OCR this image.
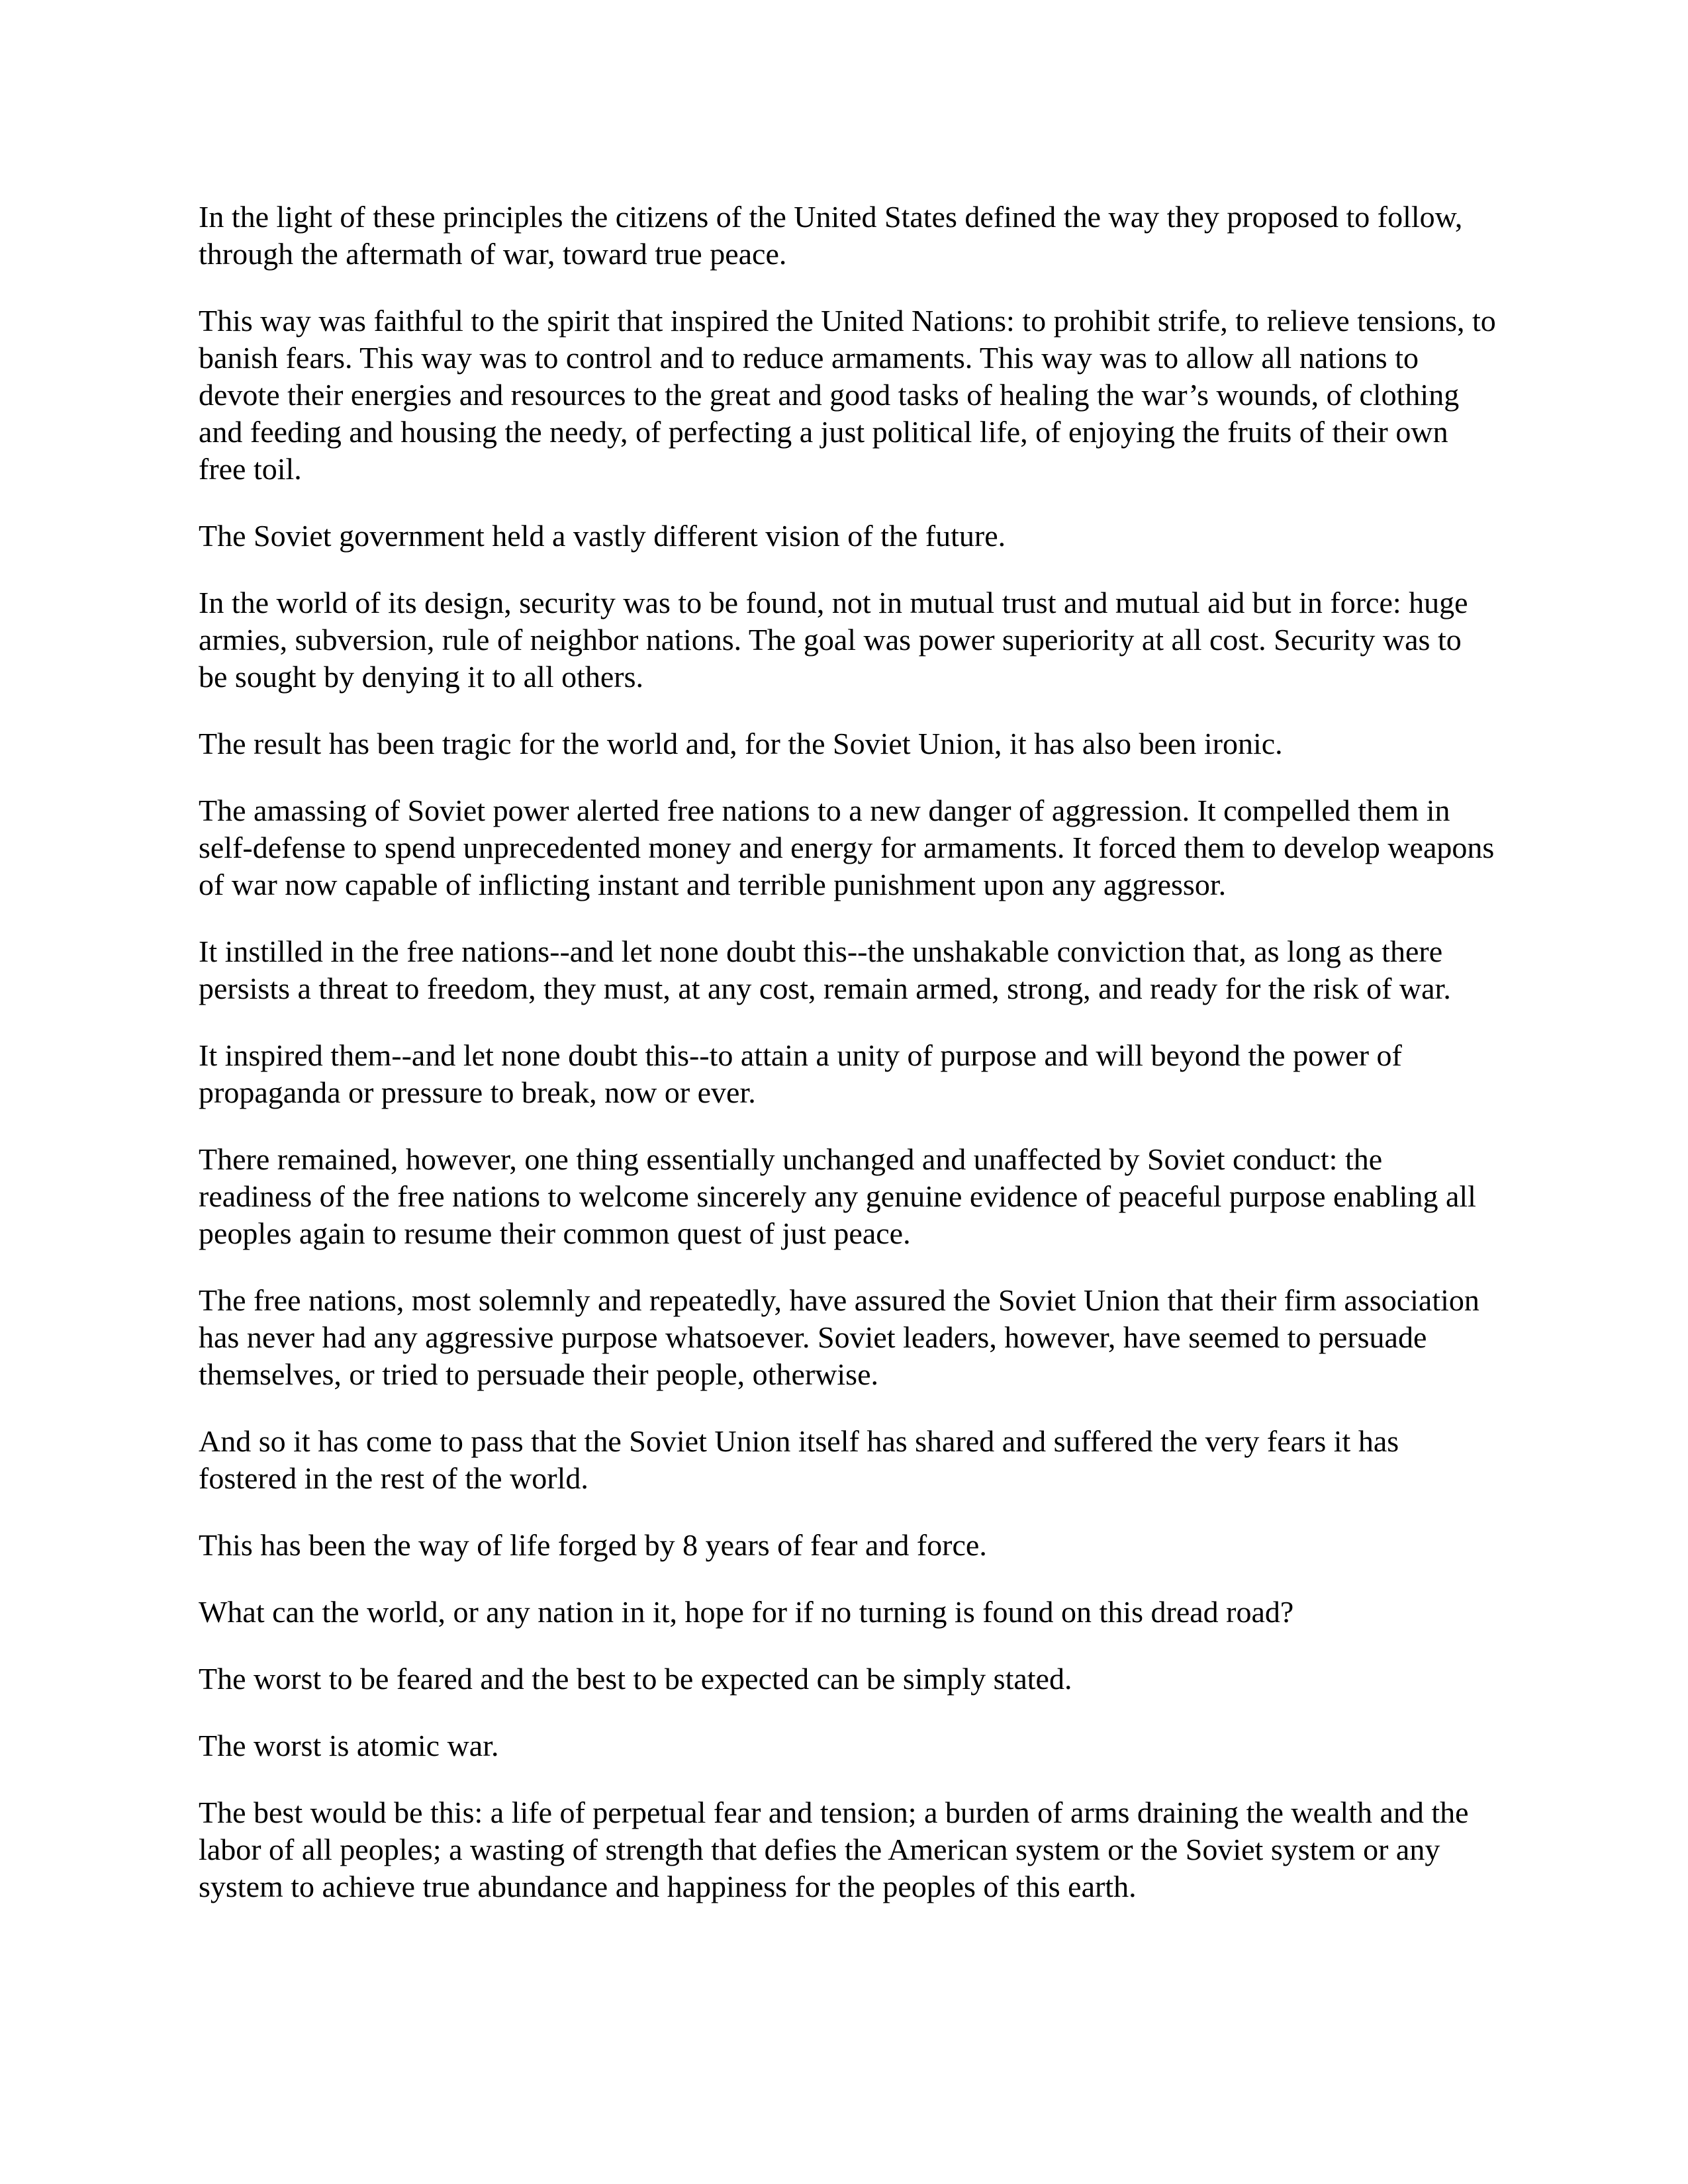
In the light of these principles the citizens of the United States defined the way they proposed to follow, through the aftermath of war, toward true peace.

This way was faithful to the spirit that inspired the United Nations: to prohibit strife, to relieve tensions, to banish fears. This way was to control and to reduce armaments. This way was to allow all nations to devote their energies and resources to the great and good tasks of healing the war’s wounds, of clothing and feeding and housing the needy, of perfecting a just political life, of enjoying the fruits of their own free toil.

The Soviet government held a vastly different vision of the future.

In the world of its design, security was to be found, not in mutual trust and mutual aid but in force: huge armies, subversion, rule of neighbor nations. The goal was power superiority at all cost. Security was to be sought by denying it to all others.

The result has been tragic for the world and, for the Soviet Union, it has also been ironic.

The amassing of Soviet power alerted free nations to a new danger of aggression. It compelled them in self-defense to spend unprecedented money and energy for armaments. It forced them to develop weapons of war now capable of inflicting instant and terrible punishment upon any aggressor.

It instilled in the free nations--and let none doubt this--the unshakable conviction that, as long as there persists a threat to freedom, they must, at any cost, remain armed, strong, and ready for the risk of war.

It inspired them--and let none doubt this--to attain a unity of purpose and will beyond the power of propaganda or pressure to break, now or ever.

There remained, however, one thing essentially unchanged and unaffected by Soviet conduct: the readiness of the free nations to welcome sincerely any genuine evidence of peaceful purpose enabling all peoples again to resume their common quest of just peace.

The free nations, most solemnly and repeatedly, have assured the Soviet Union that their firm association has never had any aggressive purpose whatsoever. Soviet leaders, however, have seemed to persuade themselves, or tried to persuade their people, otherwise.

And so it has come to pass that the Soviet Union itself has shared and suffered the very fears it has fostered in the rest of the world.

This has been the way of life forged by 8 years of fear and force.

What can the world, or any nation in it, hope for if no turning is found on this dread road?

The worst to be feared and the best to be expected can be simply stated.

The worst is atomic war.

The best would be this: a life of perpetual fear and tension; a burden of arms draining the wealth and the labor of all peoples; a wasting of strength that defies the American system or the Soviet system or any system to achieve true abundance and happiness for the peoples of this earth.
